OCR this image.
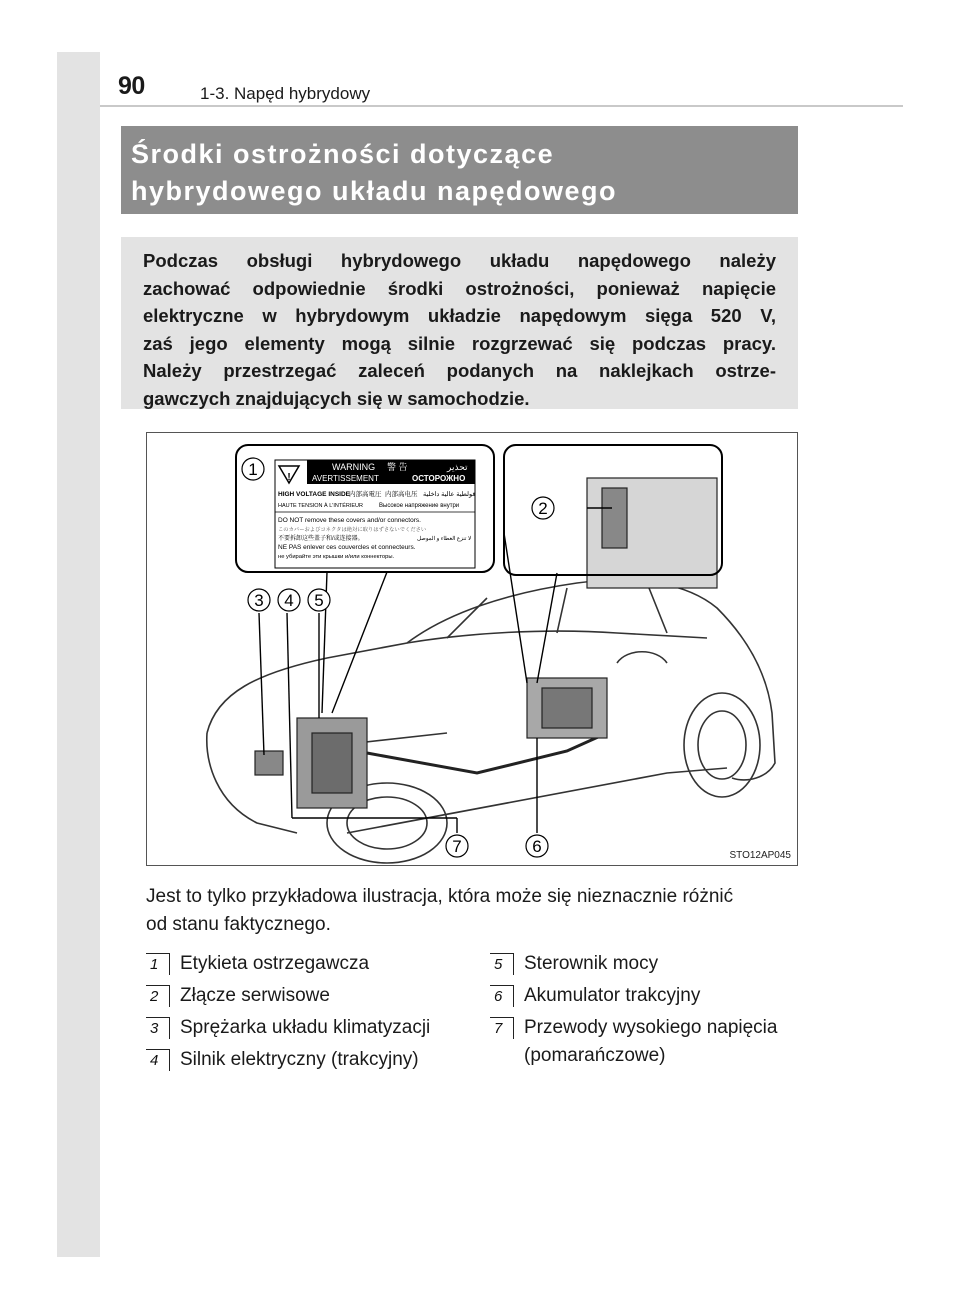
90	1-3. Napęd hybrydowy
Środki ostrożności dotyczące
hybrydowego układu napędowego
Podczas obsługi hybrydowego układu napędowego należy
zachować odpowiednie środki ostrożności, ponieważ napięcie
elektryczne w hybrydowym układzie napędowym sięga 520 V,
zaś jego elementy mogą silnie rozgrzewać się podczas pracy.
Należy przestrzegać zaleceń podanych na naklejkach ostrze-
gawczych znajdujących się w samochodzie.
!
WARNING 警 告	تحذير
AVERTISSEMENT	ОСТОРОЖНО
HIGH VOLTAGE INSIDE 内部高電圧 内部高电压 فولطية عالية داخلية
HAUTE TENSION À L'INTÉRIEUR	Высокое напряжение внутри
DO NOT remove these covers and/or connectors.
このカバーおよびコネクタは絶対に取りはずさないでください
不要拆卸这些盖子和/或连接器。	لا تنزع الغطاء و الموصل
NE PAS enlever ces couvercles et connecteurs.
не убирайте эти крышки и/или коннекторы.
1
2
3 4 5
6
7	STO12AP045
Jest to tylko przykładowa ilustracja, która może się nieznacznie różnić
od stanu faktycznego.
1	Etykieta ostrzegawcza
2	Złącze serwisowe
3	Sprężarka układu klimatyzacji
4	Silnik elektryczny (trakcyjny)
5	Sterownik mocy
6	Akumulator trakcyjny
7	Przewody wysokiego napięcia
(pomarańczowe)
